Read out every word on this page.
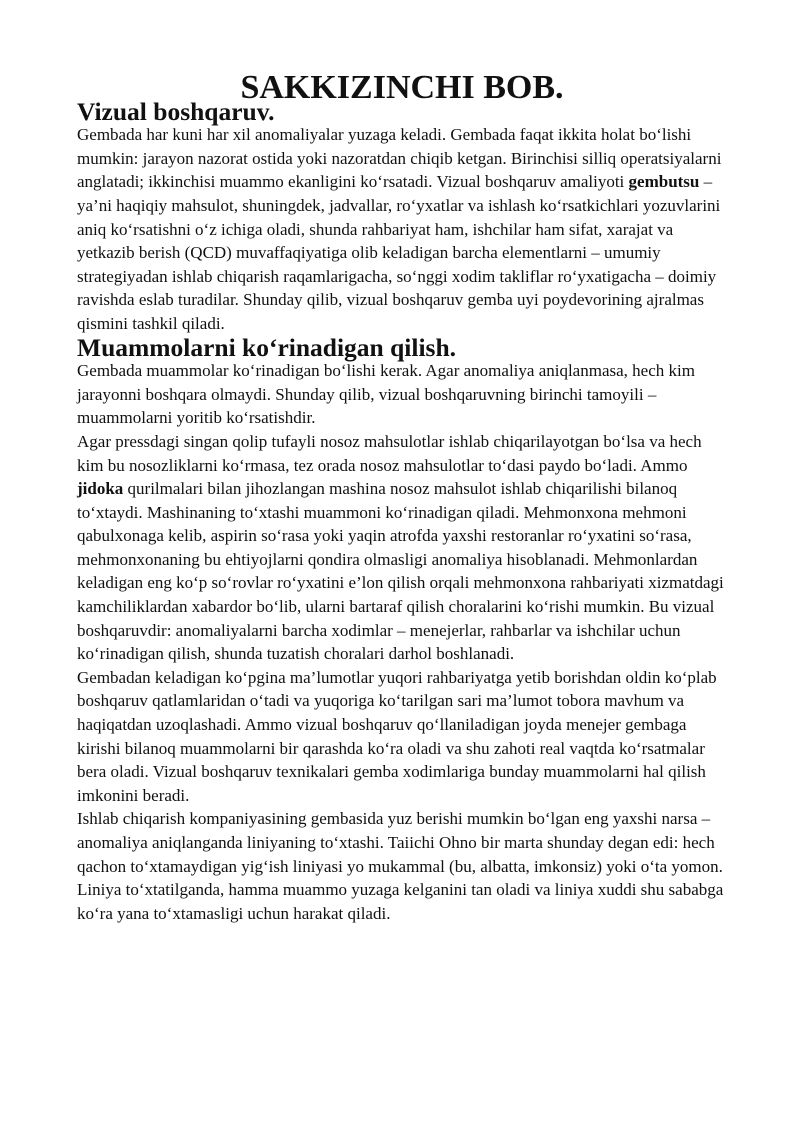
SAKKIZINCHI BOB.
Vizual boshqaruv.

Gembada har kuni har xil anomaliyalar yuzaga keladi. Gembada faqat ikkita holat bo‘lishi mumkin: jarayon nazorat ostida yoki nazoratdan chiqib ketgan. Birinchisi silliq operatsiyalarni anglatadi; ikkinchisi muammo ekanligini ko‘rsatadi. Vizual boshqaruv amaliyoti gembutsu – ya’ni haqiqiy mahsulot, shuningdek, jadvallar, ro‘yxatlar va ishlash ko‘rsatkichlari yozuvlarini aniq ko‘rsatishni o‘z ichiga oladi, shunda rahbariyat ham, ishchilar ham sifat, xarajat va yetkazib berish (QCD) muvaffaqiyatiga olib keladigan barcha elementlarni – umumiy strategiyadan ishlab chiqarish raqamlarigacha, so‘nggi xodim takliflar ro‘yxatigacha – doimiy ravishda eslab turadilar. Shunday qilib, vizual boshqaruv gemba uyi poydevorining ajralmas qismini tashkil qiladi.

Muammolarni ko‘rinadigan qilish.

Gembada muammolar ko‘rinadigan bo‘lishi kerak. Agar anomaliya aniqlanmasa, hech kim jarayonni boshqara olmaydi. Shunday qilib, vizual boshqaruvning birinchi tamoyili – muammolarni yoritib ko‘rsatishdir.

Agar pressdagi singan qolip tufayli nosoz mahsulotlar ishlab chiqarilayotgan bo‘lsa va hech kim bu nosozliklarni ko‘rmasa, tez orada nosoz mahsulotlar to‘dasi paydo bo‘ladi. Ammo jidoka qurilmalari bilan jihozlangan mashina nosoz mahsulot ishlab chiqarilishi bilanoq to‘xtaydi. Mashinaning to‘xtashi muammoni ko‘rinadigan qiladi. Mehmonxona mehmoni qabulxonaga kelib, aspirin so‘rasa yoki yaqin atrofda yaxshi restoranlar ro‘yxatini so‘rasa, mehmonxonaning bu ehtiyojlarni qondira olmasligi anomaliya hisoblanadi. Mehmonlardan keladigan eng ko‘p so‘rovlar ro‘yxatini e’lon qilish orqali mehmonxona rahbariyati xizmatdagi kamchiliklardan xabardor bo‘lib, ularni bartaraf qilish choralarini ko‘rishi mumkin. Bu vizual boshqaruvdir: anomaliyalarni barcha xodimlar – menejerlar, rahbarlar va ishchilar uchun ko‘rinadigan qilish, shunda tuzatish choralari darhol boshlanadi.

Gembadan keladigan ko‘pgina ma’lumotlar yuqori rahbariyatga yetib borishdan oldin ko‘plab boshqaruv qatlamlaridan o‘tadi va yuqoriga ko‘tarilgan sari ma’lumot tobora mavhum va haqiqatdan uzoqlashadi. Ammo vizual boshqaruv qo‘llaniladigan joyda menejer gembaga kirishi bilanoq muammolarni bir qarashda ko‘ra oladi va shu zahoti real vaqtda ko‘rsatmalar bera oladi. Vizual boshqaruv texnikalari gemba xodimlariga bunday muammolarni hal qilish imkonini beradi.

Ishlab chiqarish kompaniyasining gembasida yuz berishi mumkin bo‘lgan eng yaxshi narsa – anomaliya aniqlanganda liniyaning to‘xtashi. Taiichi Ohno bir marta shunday degan edi: hech qachon to‘xtamaydigan yig‘ish liniyasi yo mukammal (bu, albatta, imkonsiz) yoki o‘ta yomon. Liniya to‘xtatilganda, hamma muammo yuzaga kelganini tan oladi va liniya xuddi shu sababga ko‘ra yana to‘xtamasligi uchun harakat qiladi.
